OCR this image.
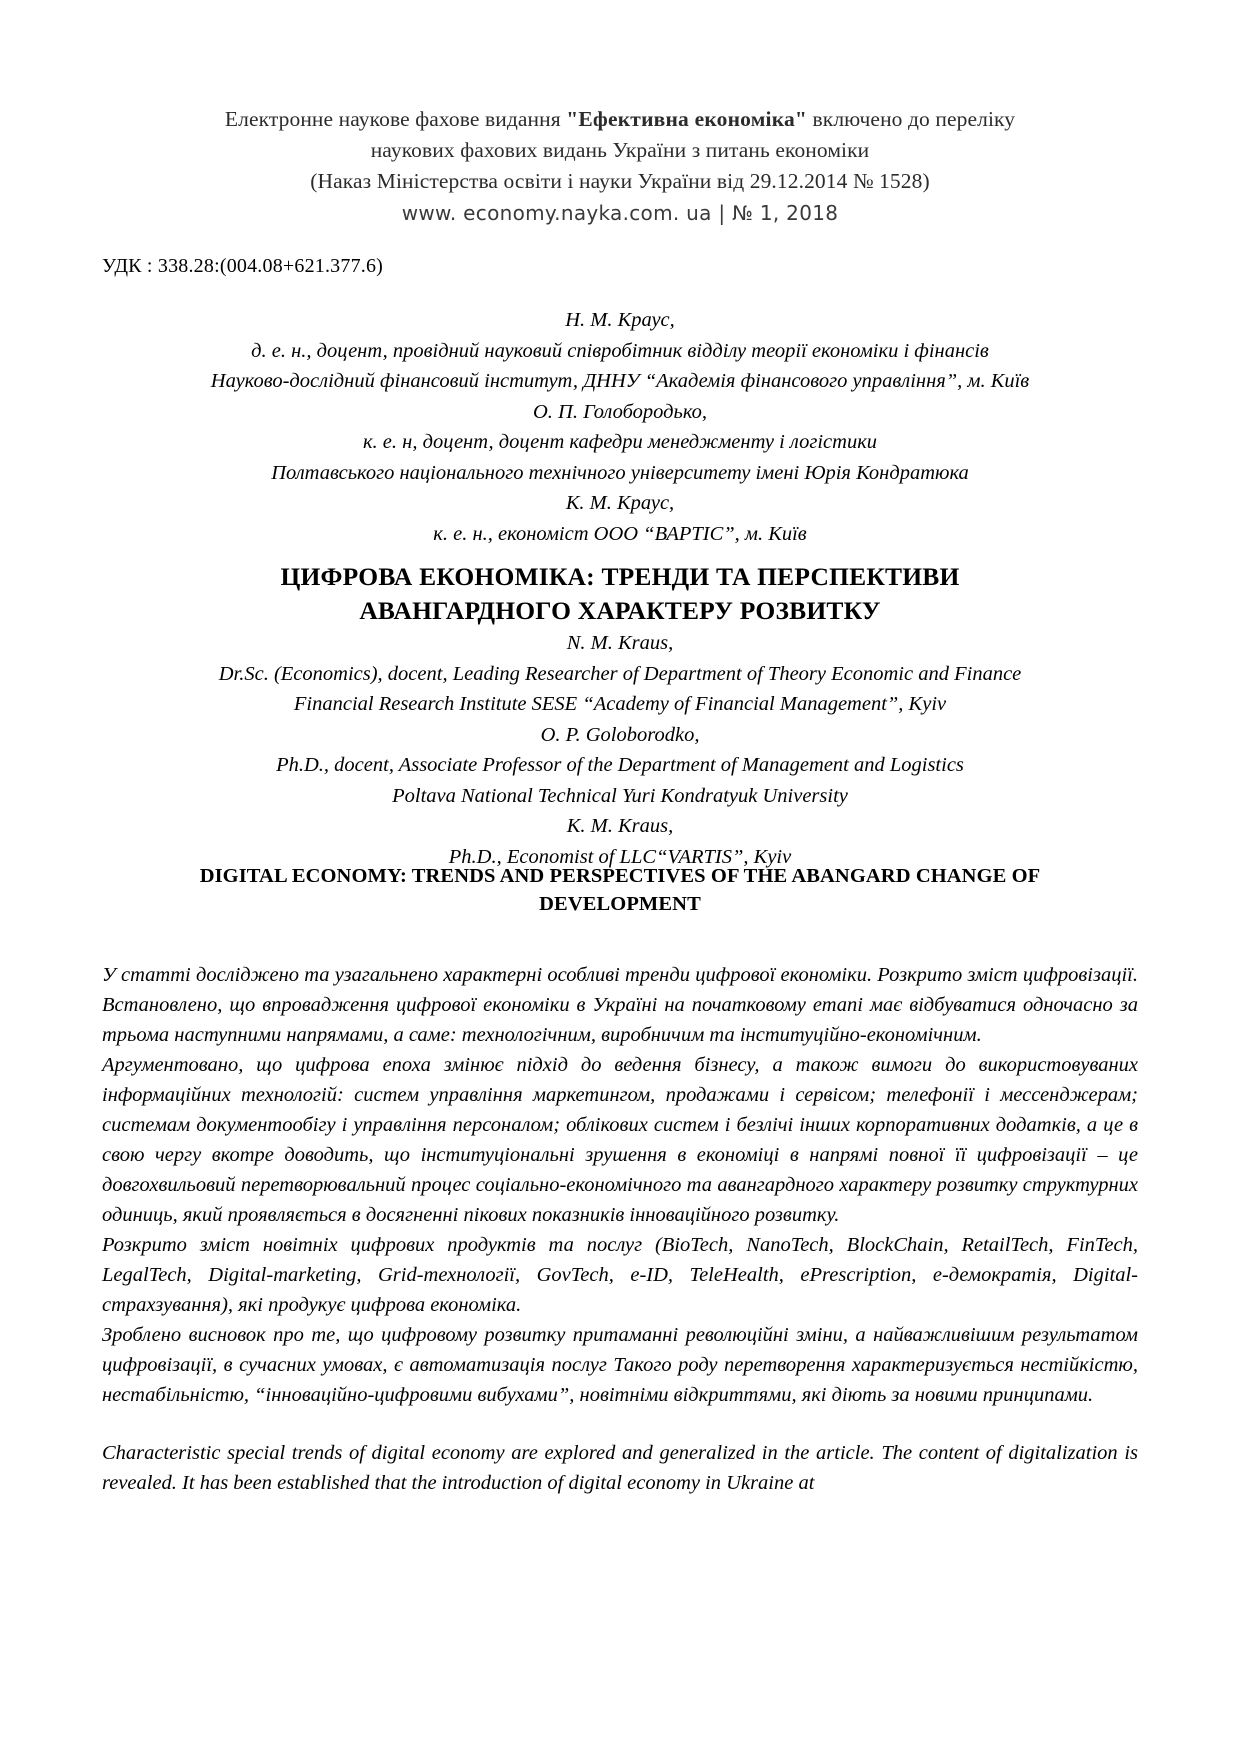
Електронне наукове фахове видання "Ефективна економіка" включено до переліку
наукових фахових видань України з питань економіки
(Наказ Міністерства освіти і науки України від 29.12.2014 № 1528)
www. economy.nayka.com. ua | № 1, 2018
УДК : 338.28:(004.08+621.377.6)
Н. М. Краус,
д. е. н., доцент, провідний науковий співробітник відділу теорії економіки і фінансів
Науково-дослідний фінансовий інститут, ДННУ “Академія фінансового управління”, м. Київ
О. П. Голобородько,
к. е. н, доцент, доцент кафедри менеджменту і логістики
Полтавського національного технічного університету імені Юрія Кондратюка
К. М. Краус,
к. е. н., економіст ООО “ВАРТІС”, м. Київ
ЦИФРОВА ЕКОНОМІКА: ТРЕНДИ ТА ПЕРСПЕКТИВИ
АВАНГАРДНОГО ХАРАКТЕРУ РОЗВИТКУ
N. M. Kraus,
Dr.Sc. (Economics), docent, Leading Researcher of Department of Theory Economic and Finance
Financial Research Institute SESE “Academy of Financial Management”, Kyiv
O. P. Goloborodko,
Ph.D., docent, Associate Professor of the Department of Management and Logistics
Poltava National Technical Yuri Kondratyuk University
K. M. Kraus,
Ph.D., Economist of LLC“VARTIS”, Kyiv
DIGITAL ECONOMY: TRENDS AND PERSPECTIVES OF THE ABANGARD CHANGE OF
DEVELOPMENT

У статті досліджено та узагальнено характерні особливі тренди цифрової економіки. Розкрито зміст цифровізації. Встановлено, що впровадження цифрової економіки в Україні на початковому етапі має відбуватися одночасно за трьома наступними напрямами, а саме: технологічним, виробничим та інституційно-економічним.

Аргументовано, що цифрова епоха змінює підхід до ведення бізнесу, а також вимоги до використовуваних інформаційних технологій: систем управління маркетингом, продажами і сервісом; телефонії і мессенджерам; системам документообігу і управління персоналом; облікових систем і безлічі інших корпоративних додатків, а це в свою чергу вкотре доводить, що інституціональні зрушення в економіці в напрямі повної її цифровізації – це довгохвильовий перетворювальний процес соціально-економічного та авангардного характеру розвитку структурних одиниць, який проявляється в досягненні пікових показників інноваційного розвитку.

Розкрито зміст новітніх цифрових продуктів та послуг (BioTech, NanoTech, BlockChain, RetailTech, FinTech, LegalTech, Digital-marketing, Grid-технології, GovTech, e-ID, TeleHealth, ePrescription, е-демократія, Digital-страхзування), які продукує цифрова економіка.

Зроблено висновок про те, що цифровому розвитку притаманні революційні зміни, а найважливішим результатом цифровізації, в сучасних умовах, є автоматизація послуг Такого роду перетворення характеризується нестійкістю, нестабільністю, “інноваційно-цифровими вибухами”, новітніми відкриттями, які діють за новими принципами.

Characteristic special trends of digital economy are explored and generalized in the article. The content of digitalization is revealed. It has been established that the introduction of digital economy in Ukraine at
